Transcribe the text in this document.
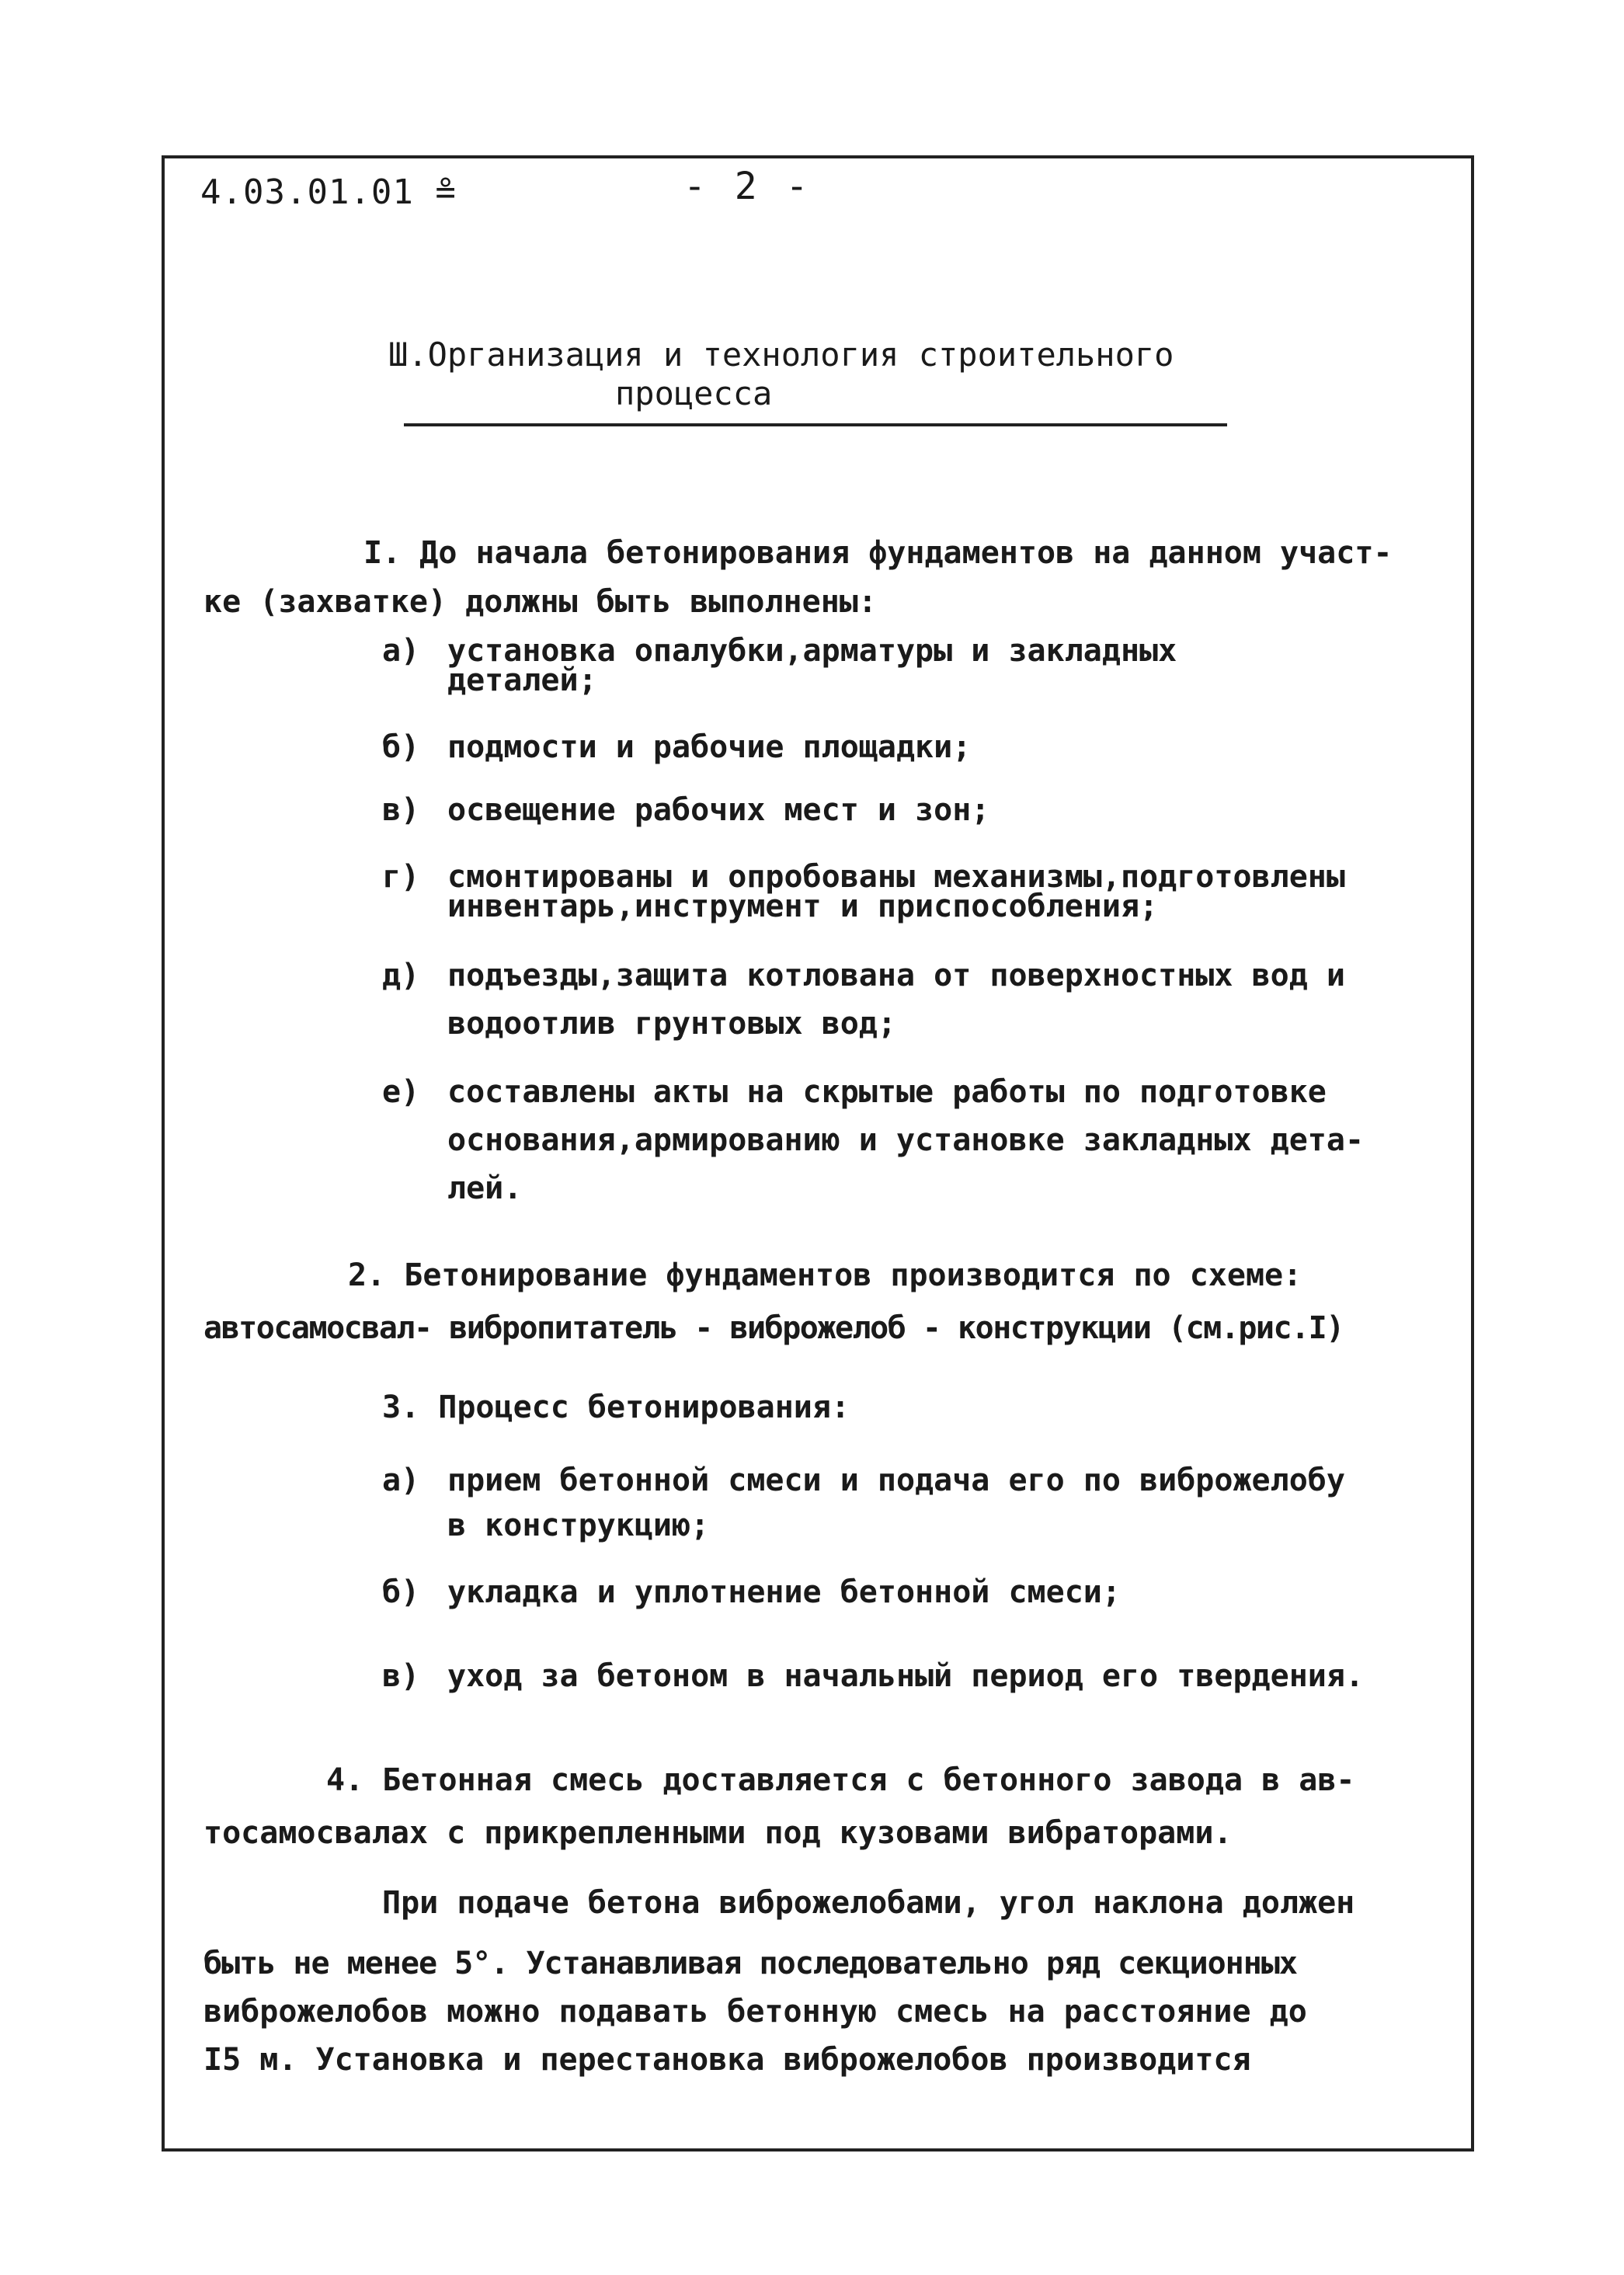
4.03.01.01 ≗	- 2 -
Ш.Организация и технология строительного
процесса
I. До начала бетонирования фундаментов на данном участ-
ке (захватке) должны быть выполнены:
а) установка опалубки,арматуры и закладных
деталей;
б) подмости и рабочие площадки;
в) освещение рабочих мест и зон;
г) смонтированы и опробованы механизмы,подготовлены
инвентарь,инструмент и приспособления;
д) подъезды,защита котлована от поверхностных вод и
водоотлив грунтовых вод;
е) составлены акты на скрытые работы по подготовке
основания,армированию и установке закладных дета-
лей.
2. Бетонирование фундаментов производится по схеме:
автосамосвал- вибропитатель - виброжелоб - конструкции (см.рис.I)
3. Процесс бетонирования:
а) прием бетонной смеси и подача его по виброжелобу
в конструкцию;
б) укладка и уплотнение бетонной смеси;
в) уход за бетоном в начальный период его твердения.
4. Бетонная смесь доставляется с бетонного завода в ав-
тосамосвалах с прикрепленными под кузовами вибраторами.
При подаче бетона виброжелобами, угол наклона должен
быть не менее 5°. Устанавливая последовательно ряд секционных
виброжелобов можно подавать бетонную смесь на расстояние до
I5 м. Установка и перестановка виброжелобов производится
